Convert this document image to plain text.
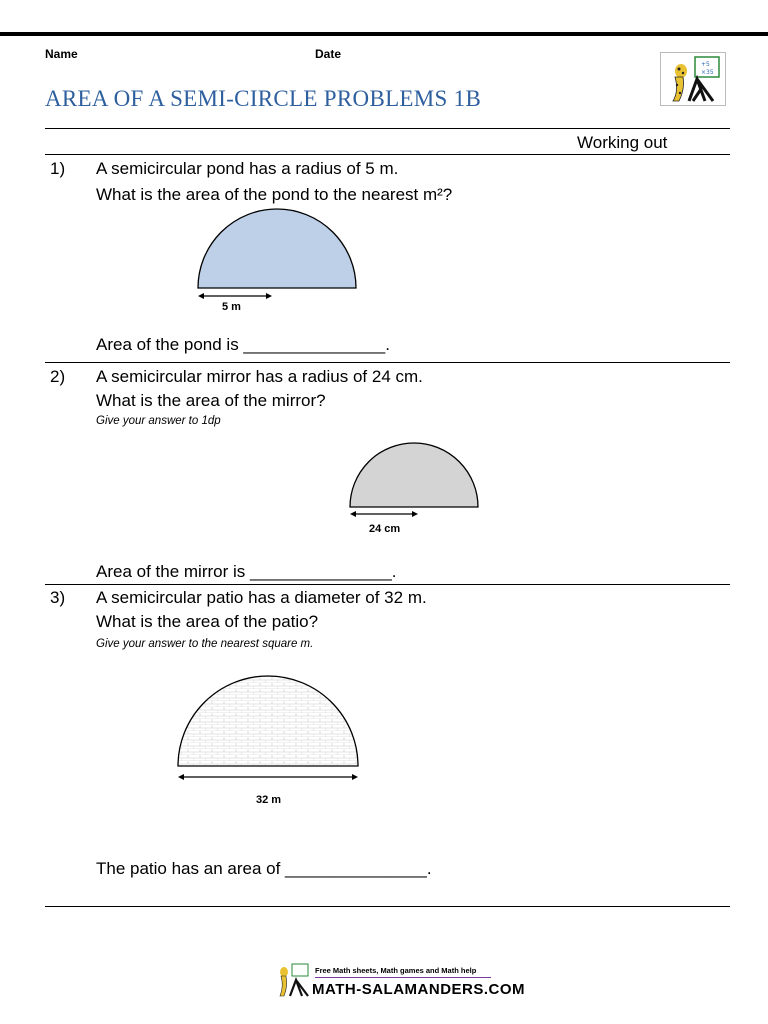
Name	Date
AREA OF A SEMI-CIRCLE PROBLEMS 1B
+5
×35
Working out
1) A semicircular pond has a radius of 5 m.
What is the area of the pond to the nearest m²?
5 m
Area of the pond is _______________.
2) A semicircular mirror has a radius of 24 cm.
What is the area of the mirror?
Give your answer to 1dp
24 cm
Area of the mirror is _______________.
3) A semicircular patio has a diameter of 32 m.
What is the area of the patio?
Give your answer to the nearest square m.
32 m
The patio has an area of _______________.
Free Math sheets, Math games and Math help
MATH-SALAMANDERS.COM
